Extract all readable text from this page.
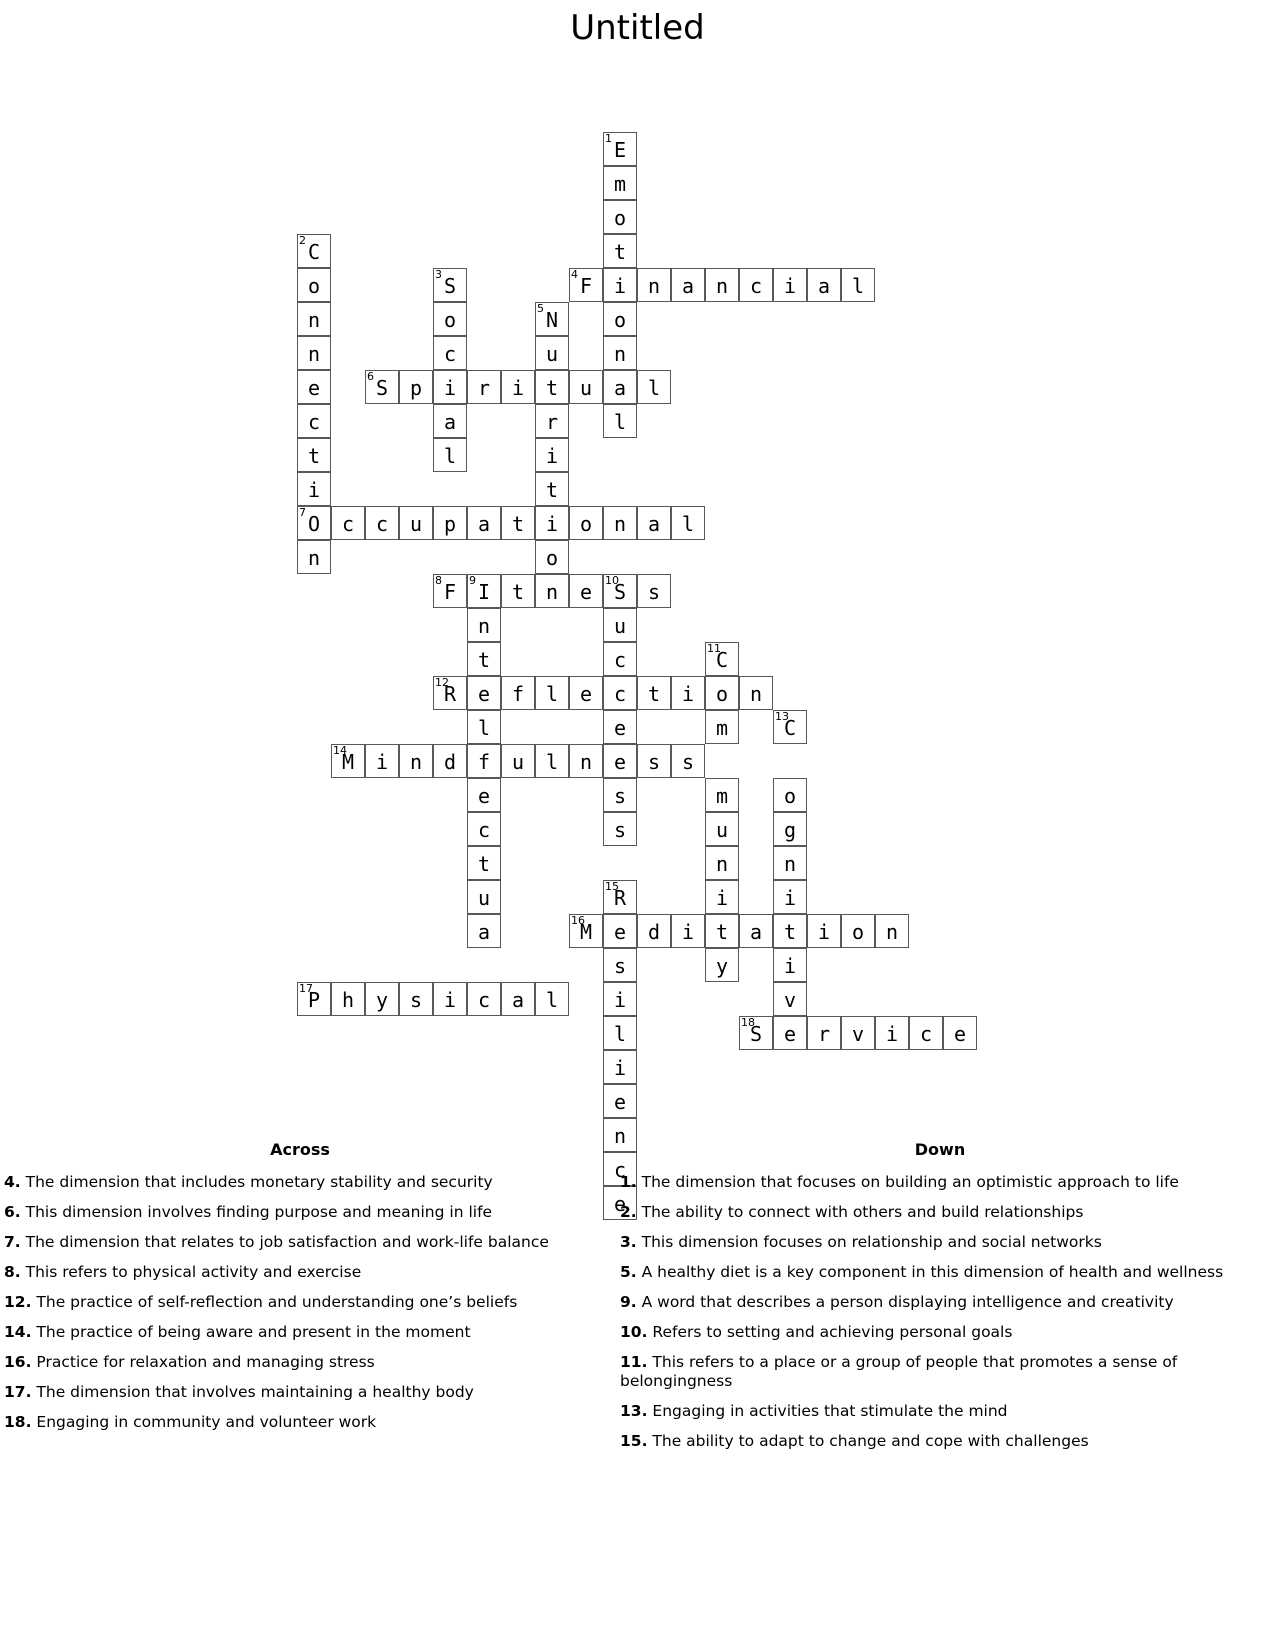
Untitled
1 E
m
o
2 C	t
o	3 S	4 F	i	n	a	n	c	i	a	l
n	o	5 N	o
n	c	u	n
e	6 S	p	i	r	i	t	u	a	l
c	a	r	l
t	l	i
i	t
7 O	c	c	u	p	a	t	i	o	n	a	l
n	o
8 F	9 I	t	n	e	10
S	s
n	u
t	c	11
C
12
R	e	f	l	e	c	t	i	o	n
l	e	m	13
C
14
M	i	n	d	f	u	l	n	e	s	s
e	s	m	o
c	s	u	g
t	n	n
u	15
R	i	i
a	16
M	e	d	i	t	a	t	i	o	n
s	y	i
17
P	h	y	s	i	c	a	l	i	v
l	18
S	e	r	v	i	c	e
i
e
n
c
e
Across
4. The dimension that includes monetary stability and security
6. This dimension involves finding purpose and meaning in life
7. The dimension that relates to job satisfaction and work-life balance
8. This refers to physical activity and exercise
12. The practice of self-reflection and understanding one’s beliefs
14. The practice of being aware and present in the moment
16. Practice for relaxation and managing stress
17. The dimension that involves maintaining a healthy body
18. Engaging in community and volunteer work
Down
1. The dimension that focuses on building an optimistic approach to life
2. The ability to connect with others and build relationships
3. This dimension focuses on relationship and social networks
5. A healthy diet is a key component in this dimension of health and wellness
9. A word that describes a person displaying intelligence and creativity
10. Refers to setting and achieving personal goals
11. This refers to a place or a group of people that promotes a sense of belongingness
13. Engaging in activities that stimulate the mind
15. The ability to adapt to change and cope with challenges
